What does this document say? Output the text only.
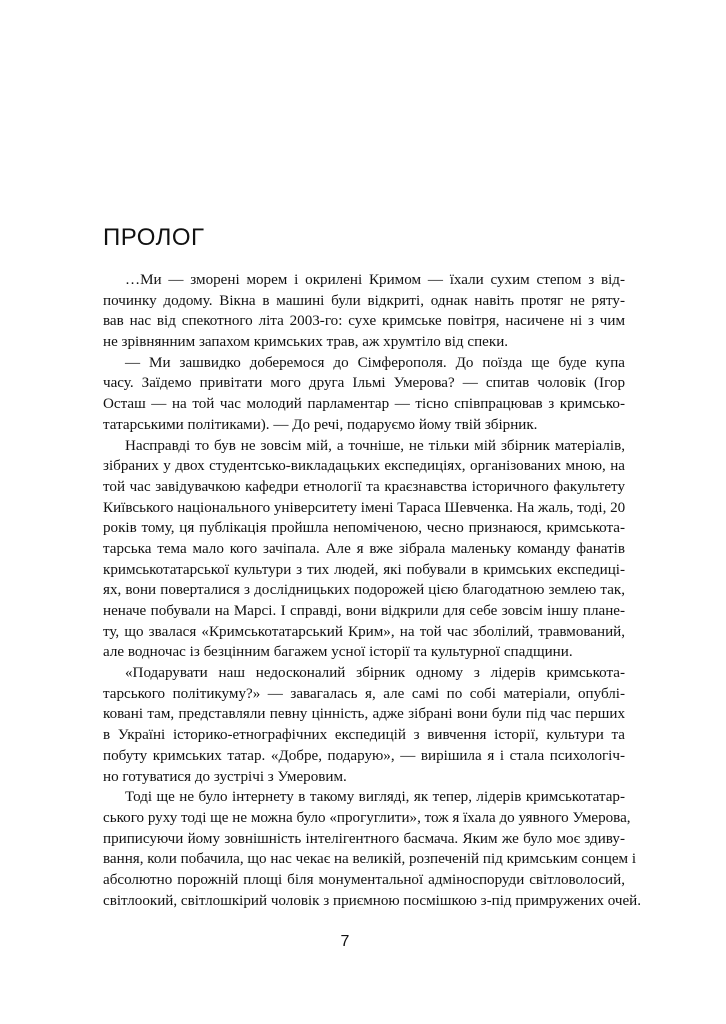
ПРОЛОГ
…Ми — зморені морем і окрилені Кримом — їхали сухим степом з від-
починку додому. Вікна в машині були відкриті, однак навіть протяг не ряту-
вав нас від спекотного літа 2003-го: сухе кримське повітря, насичене ні з чим
не зрівнянним запахом кримських трав, аж хрумтіло від спеки.
— Ми зашвидко доберемося до Сімферополя. До поїзда ще буде купа
часу. Заїдемо привітати мого друга Ільмі Умерова? — спитав чоловік (Ігор
Осташ — на той час молодий парламентар — тісно співпрацював з кримсько-
татарськими політиками). — До речі, подаруємо йому твій збірник.
Насправді то був не зовсім мій, а точніше, не тільки мій збірник матеріалів,
зібраних у двох студентсько-викладацьких експедиціях, організованих мною, на
той час завідувачкою кафедри етнології та краєзнавства історичного факультету
Київського національного університету імені Тараса Шевченка. На жаль, тоді, 20
років тому, ця публікація пройшла непоміченою, чесно признаюся, кримськота-
тарська тема мало кого зачіпала. Але я вже зібрала маленьку команду фанатів
кримськотатарської культури з тих людей, які побували в кримських експедиці-
ях, вони поверталися з дослідницьких подорожей цією благодатною землею так,
неначе побували на Марсі. І справді, вони відкрили для себе зовсім іншу плане-
ту, що звалася «Кримськотатарський Крим», на той час зболілий, травмований,
але водночас із безцінним багажем усної історії та культурної спадщини.
«Подарувати наш недосконалий збірник одному з лідерів кримськота-
тарського політикуму?» — завагалась я, але самі по собі матеріали, опублі-
ковані там, представляли певну цінність, адже зібрані вони були під час перших
в Україні історико-етнографічних експедицій з вивчення історії, культури та
побуту кримських татар. «Добре, подарую», — вирішила я і стала психологіч-
но готуватися до зустрічі з Умеровим.
Тоді ще не було інтернету в такому вигляді, як тепер, лідерів кримськотатар-
ського руху тоді ще не можна було «прогуглити», тож я їхала до уявного Умерова,
приписуючи йому зовнішність інтелігентного басмача. Яким же було моє здиву-
вання, коли побачила, що нас чекає на великій, розпеченій під кримським сонцем і
абсолютно порожній площі біля монументальної адміноспоруди світловолосий,
світлоокий, світлошкірий чоловік з приємною посмішкою з-під примружених очей.
7
